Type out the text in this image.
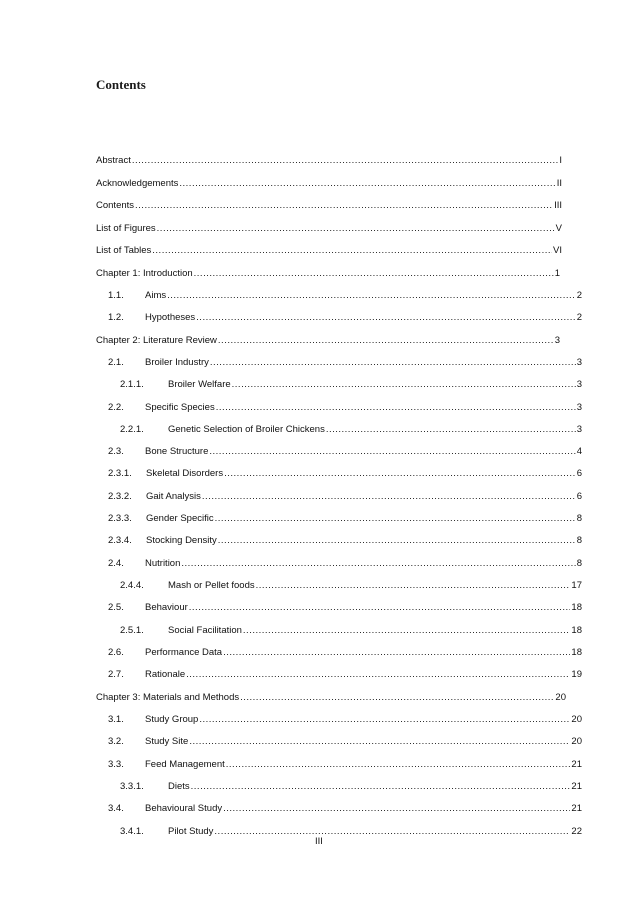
Contents
Abstract .....	I
Acknowledgements .....	II
Contents .....	III
List of Figures .....	V
List of Tables .....	VI
Chapter 1: Introduction .....	1
1.1.	Aims .....	2
1.2.	Hypotheses .....	2
Chapter 2: Literature Review .....	3
2.1.	Broiler Industry .....	3
2.1.1.	Broiler Welfare .....	3
2.2.	Specific Species .....	3
2.2.1.	Genetic Selection of Broiler Chickens .....	3
2.3.	Bone Structure .....	4
2.3.1.	Skeletal Disorders .....	6
2.3.2.	Gait Analysis .....	6
2.3.3.	Gender Specific .....	8
2.3.4.	Stocking Density .....	8
2.4.	Nutrition .....	8
2.4.4.	Mash or Pellet foods .....	17
2.5.	Behaviour .....	18
2.5.1.	Social Facilitation .....	18
2.6.	Performance Data .....	18
2.7.	Rationale .....	19
Chapter 3: Materials and Methods .....	20
3.1.	Study Group .....	20
3.2.	Study Site .....	20
3.3.	Feed Management .....	21
3.3.1.	Diets .....	21
3.4.	Behavioural Study .....	21
3.4.1.	Pilot Study .....	22
III
